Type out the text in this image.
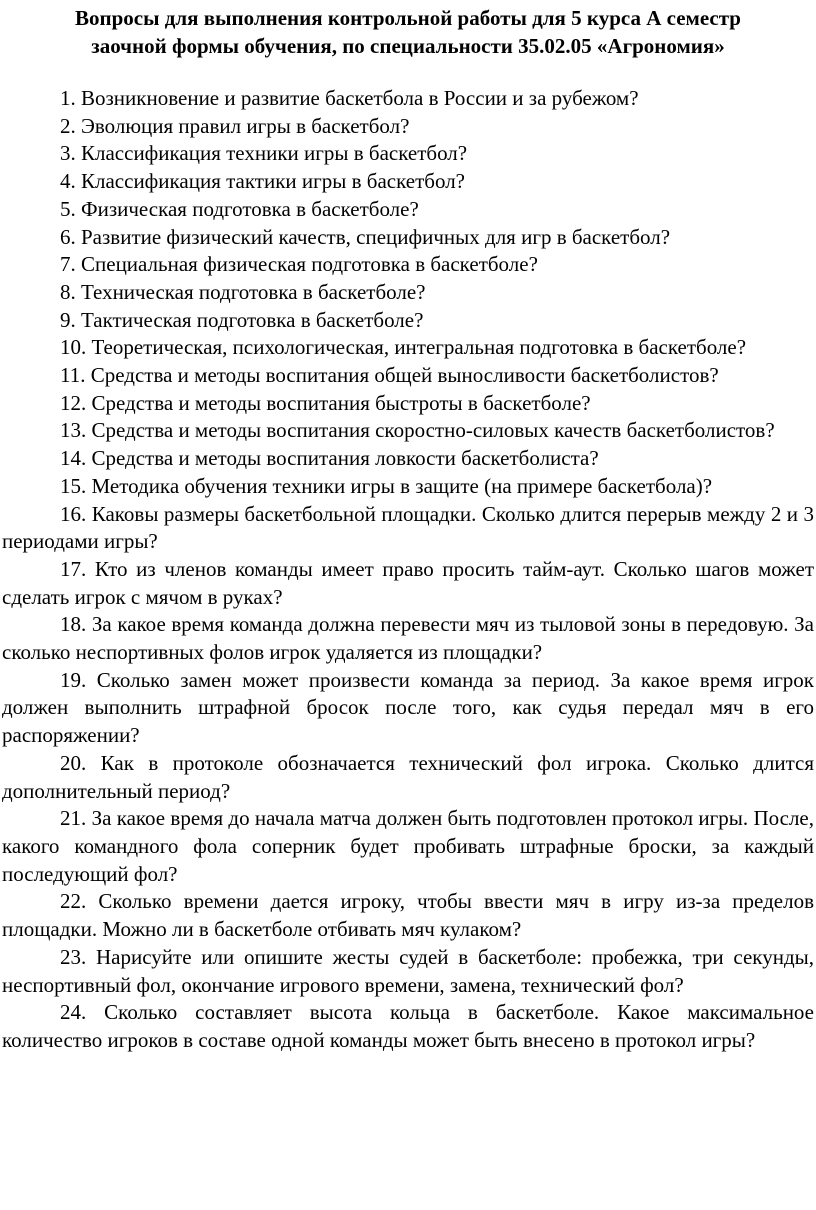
Вопросы для выполнения контрольной работы для 5 курса А семестр
заочной формы обучения, по специальности 35.02.05 «Агрономия»
1. Возникновение и развитие баскетбола в России и за рубежом?
2. Эволюция правил игры в баскетбол?
3. Классификация техники игры в баскетбол?
4. Классификация тактики игры в баскетбол?
5. Физическая подготовка в баскетболе?
6. Развитие физический качеств, специфичных для игр в баскетбол?
7. Специальная физическая подготовка в баскетболе?
8. Техническая подготовка в баскетболе?
9. Тактическая подготовка в баскетболе?
10. Теоретическая, психологическая, интегральная подготовка в баскетболе?
11. Средства и методы воспитания общей выносливости баскетболистов?
12. Средства и методы воспитания быстроты в баскетболе?
13. Средства и методы воспитания скоростно-силовых качеств баскетболистов?
14. Средства и методы воспитания ловкости баскетболиста?
15. Методика обучения техники игры в защите (на примере баскетбола)?
16. Каковы размеры баскетбольной площадки. Сколько длится перерыв между 2 и 3 периодами игры?
17. Кто из членов команды имеет право просить тайм-аут. Сколько шагов может сделать игрок с мячом в руках?
18. За какое время команда должна перевести мяч из тыловой зоны в передовую. За сколько неспортивных фолов игрок удаляется из площадки?
19. Сколько замен может произвести команда за период. За какое время игрок должен выполнить штрафной бросок после того, как судья передал мяч в его распоряжении?
20. Как в протоколе обозначается технический фол игрока. Сколько длится дополнительный период?
21. За какое время до начала матча должен быть подготовлен протокол игры. После, какого командного фола соперник будет пробивать штрафные броски, за каждый последующий фол?
22. Сколько времени дается игроку, чтобы ввести мяч в игру из-за пределов площадки. Можно ли в баскетболе отбивать мяч кулаком?
23. Нарисуйте или опишите жесты судей в баскетболе: пробежка, три секунды, неспортивный фол, окончание игрового времени, замена, технический фол?
24. Сколько составляет высота кольца в баскетболе. Какое максимальное количество игроков в составе одной команды может быть внесено в протокол игры?
